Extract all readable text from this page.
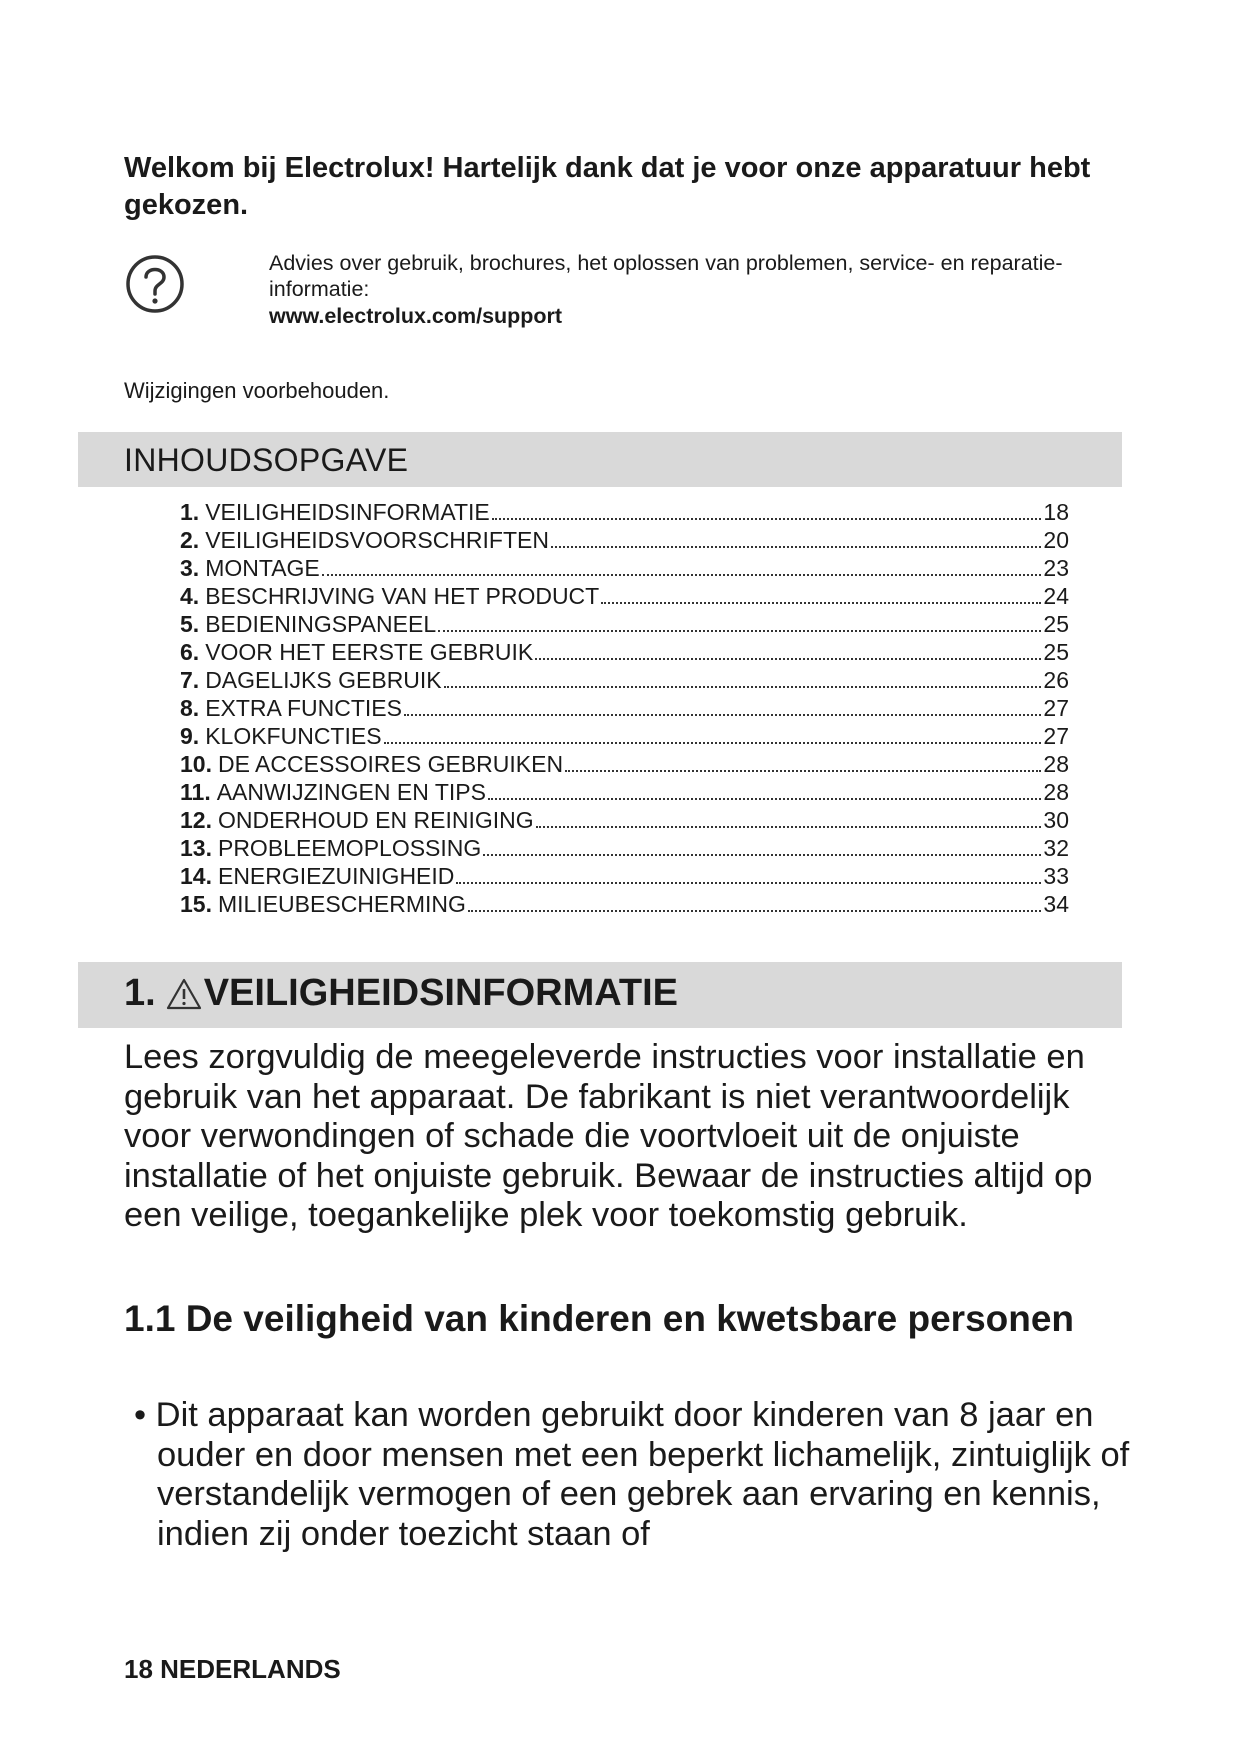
Welkom bij Electrolux! Hartelijk dank dat je voor onze apparatuur hebt gekozen.

Advies over gebruik, brochures, het oplossen van problemen, service- en reparatie-informatie:
www.electrolux.com/support

Wijzigingen voorbehouden.

INHOUDSOPGAVE
1. VEILIGHEIDSINFORMATIE	18
2. VEILIGHEIDSVOORSCHRIFTEN	20
3. MONTAGE	23
4. BESCHRIJVING VAN HET PRODUCT	24
5. BEDIENINGSPANEEL	25
6. VOOR HET EERSTE GEBRUIK	25
7. DAGELIJKS GEBRUIK	26
8. EXTRA FUNCTIES	27
9. KLOKFUNCTIES	27
10. DE ACCESSOIRES GEBRUIKEN	28
11. AANWIJZINGEN EN TIPS	28
12. ONDERHOUD EN REINIGING	30
13. PROBLEEMOPLOSSING	32
14. ENERGIEZUINIGHEID	33
15. MILIEUBESCHERMING	34
1. VEILIGHEIDSINFORMATIE

Lees zorgvuldig de meegeleverde instructies voor installatie en gebruik van het apparaat. De fabrikant is niet verantwoordelijk voor verwondingen of schade die voortvloeit uit de onjuiste installatie of het onjuiste gebruik. Bewaar de instructies altijd op een veilige, toegankelijke plek voor toekomstig gebruik.

1.1 De veiligheid van kinderen en kwetsbare personen

• Dit apparaat kan worden gebruikt door kinderen van 8 jaar en ouder en door mensen met een beperkt lichamelijk, zintuiglijk of verstandelijk vermogen of een gebrek aan ervaring en kennis, indien zij onder toezicht staan of

18 NEDERLANDS
